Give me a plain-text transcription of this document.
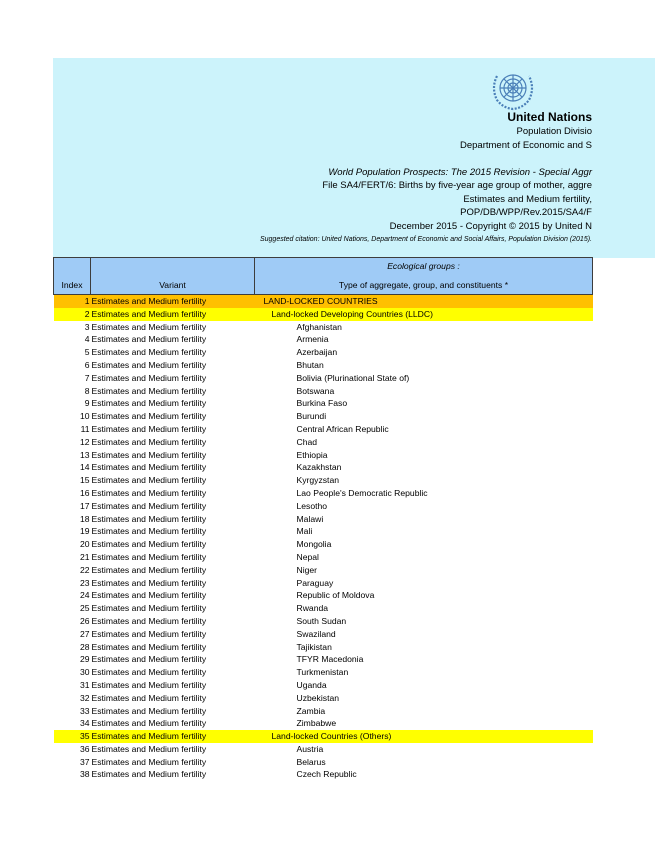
United Nations
Population Divisio
Department of Economic and S
World Population Prospects: The 2015 Revision - Special Aggr
File SA4/FERT/6: Births by five-year age group of mother, aggre
Estimates and Medium fertility,
POP/DB/WPP/Rev.2015/SA4/F
December 2015 - Copyright © 2015 by United N
Suggested citation: United Nations, Department of Economic and Social Affairs, Population Division (2015).
Index	Variant	Ecological groups :
Type of aggregate, group, and constituents *

1	Estimates and Medium fertility	LAND-LOCKED COUNTRIES
2	Estimates and Medium fertility	Land-locked Developing Countries (LLDC)
3	Estimates and Medium fertility	Afghanistan
4	Estimates and Medium fertility	Armenia
5	Estimates and Medium fertility	Azerbaijan
6	Estimates and Medium fertility	Bhutan
7	Estimates and Medium fertility	Bolivia (Plurinational State of)
8	Estimates and Medium fertility	Botswana
9	Estimates and Medium fertility	Burkina Faso
10	Estimates and Medium fertility	Burundi
11	Estimates and Medium fertility	Central African Republic
12	Estimates and Medium fertility	Chad
13	Estimates and Medium fertility	Ethiopia
14	Estimates and Medium fertility	Kazakhstan
15	Estimates and Medium fertility	Kyrgyzstan
16	Estimates and Medium fertility	Lao People's Democratic Republic
17	Estimates and Medium fertility	Lesotho
18	Estimates and Medium fertility	Malawi
19	Estimates and Medium fertility	Mali
20	Estimates and Medium fertility	Mongolia
21	Estimates and Medium fertility	Nepal
22	Estimates and Medium fertility	Niger
23	Estimates and Medium fertility	Paraguay
24	Estimates and Medium fertility	Republic of Moldova
25	Estimates and Medium fertility	Rwanda
26	Estimates and Medium fertility	South Sudan
27	Estimates and Medium fertility	Swaziland
28	Estimates and Medium fertility	Tajikistan
29	Estimates and Medium fertility	TFYR Macedonia
30	Estimates and Medium fertility	Turkmenistan
31	Estimates and Medium fertility	Uganda
32	Estimates and Medium fertility	Uzbekistan
33	Estimates and Medium fertility	Zambia
34	Estimates and Medium fertility	Zimbabwe
35	Estimates and Medium fertility	Land-locked Countries (Others)
36	Estimates and Medium fertility	Austria
37	Estimates and Medium fertility	Belarus
38	Estimates and Medium fertility	Czech Republic
